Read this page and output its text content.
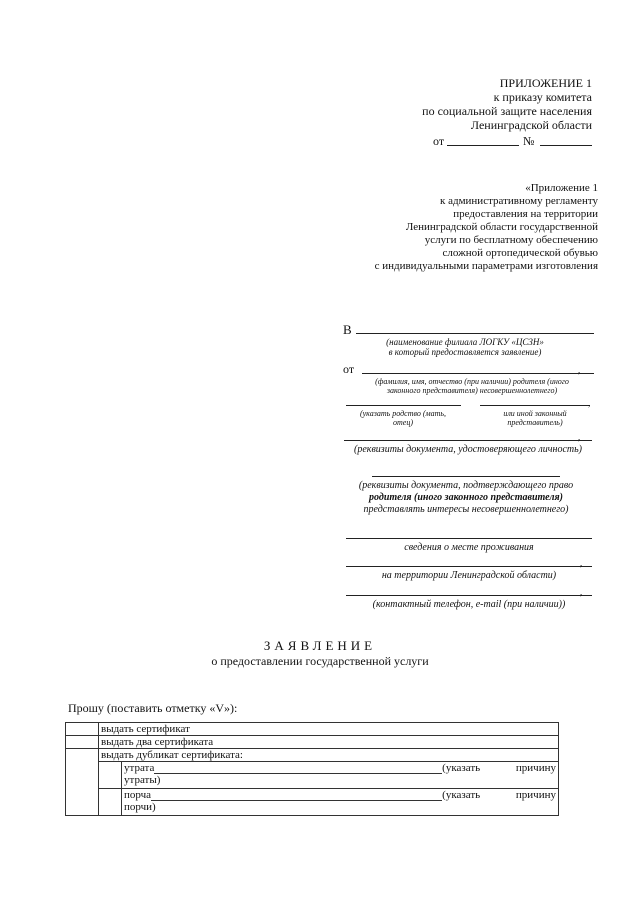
ПРИЛОЖЕНИЕ 1
к приказу комитета
по социальной защите населения
Ленинградской области
от	№
«Приложение 1
к административному регламенту
предоставления на территории
Ленинградской области государственной
услуги по бесплатному обеспечению
сложной ортопедической обувью
с индивидуальными параметрами изготовления
В
(наименование филиала ЛОГКУ «ЦСЗН»
в который предоставляется заявление)
от	,
(фамилия, имя, отчество (при наличии) родителя (иного
законного представителя) несовершеннолетнего)
,
(указать родство (мать,
отец)
или иной законный
представитель)
,
(реквизиты документа, удостоверяющего личность)
(реквизиты документа, подтверждающего право
родителя (иного законного представителя)
представлять интересы несовершеннолетнего)
сведения о месте проживания
,
на территории Ленинградской области)
,
(контактный телефон, e-mail (при наличии))
ЗАЯВЛЕНИЕ
о предоставлении государственной услуги
Прошу (поставить отметку «V»):
	выдать сертификат	
	выдать два сертификата	
	выдать дубликат сертификата:	

		утрата (указать             причину
утраты)

		порча (указать             причину
порчи)
